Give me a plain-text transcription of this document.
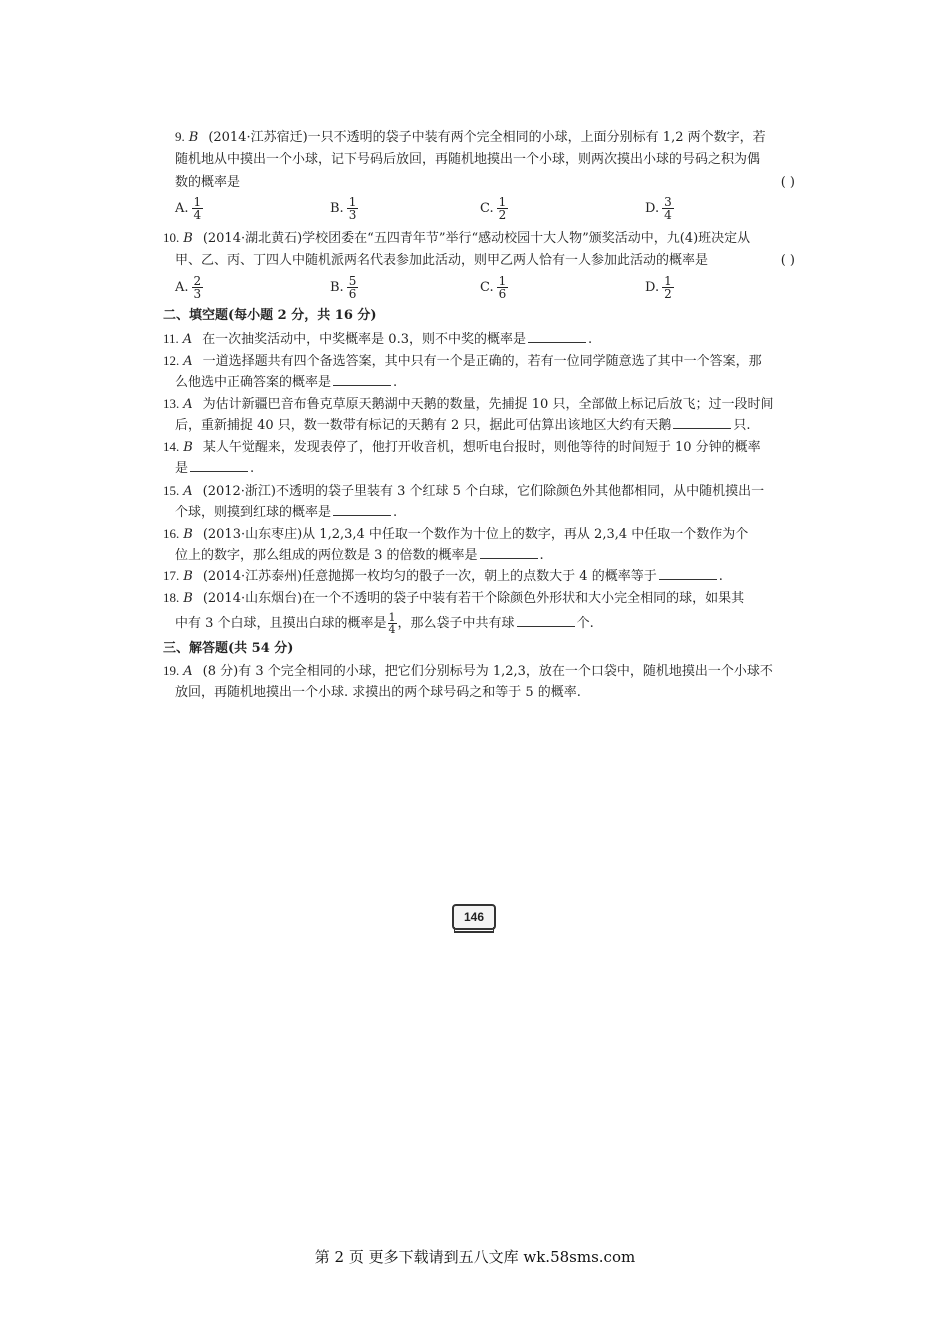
9. B (2014·江苏宿迁)一只不透明的袋子中装有两个完全相同的小球，上面分别标有 1,2 两个数字，若
随机地从中摸出一个小球，记下号码后放回，再随机地摸出一个小球，则两次摸出小球的号码之积为偶
数的概率是	( )
A. $\frac{1}{4}$	B. $\frac{1}{3}$	C. $\frac{1}{2}$	D. $\frac{3}{4}$
10. B (2014·湖北黄石)学校团委在“五四青年节”举行“感动校园十大人物”颁奖活动中，九(4)班决定从
甲、乙、丙、丁四人中随机派两名代表参加此活动，则甲乙两人恰有一人参加此活动的概率是	( )
A. $\frac{2}{3}$	B. $\frac{5}{6}$	C. $\frac{1}{6}$	D. $\frac{1}{2}$
二、填空题(每小题 2 分，共 16 分)
11. A 在一次抽奖活动中，中奖概率是 0.3，则不中奖的概率是	.
12. A 一道选择题共有四个备选答案，其中只有一个是正确的，若有一位同学随意选了其中一个答案，那
么他选中正确答案的概率是	.
13. A 为估计新疆巴音布鲁克草原天鹅湖中天鹅的数量，先捕捉 10 只，全部做上标记后放飞；过一段时间
后，重新捕捉 40 只，数一数带有标记的天鹅有 2 只，据此可估算出该地区大约有天鹅	只.
14. B 某人午觉醒来，发现表停了，他打开收音机，想听电台报时，则他等待的时间短于 10 分钟的概率
是	.
15. A (2012·浙江)不透明的袋子里装有 3 个红球 5 个白球，它们除颜色外其他都相同，从中随机摸出一
个球，则摸到红球的概率是	.
16. B (2013·山东枣庄)从 1,2,3,4 中任取一个数作为十位上的数字，再从 2,3,4 中任取一个数作为个
位上的数字，那么组成的两位数是 3 的倍数的概率是	.
17. B (2014·江苏泰州)任意抛掷一枚均匀的骰子一次，朝上的点数大于 4 的概率等于	.
18. B (2014·山东烟台)在一个不透明的袋子中装有若干个除颜色外形状和大小完全相同的球，如果其
中有 3 个白球，且摸出白球的概率是 $\frac{1}{4}$ ，那么袋子中共有球	个.
三、解答题(共 54 分)
19. A (8 分)有 3 个完全相同的小球，把它们分别标号为 1,2,3，放在一个口袋中，随机地摸出一个小球不
放回，再随机地摸出一个小球. 求摸出的两个球号码之和等于 5 的概率.
146
第 2 页 更多下载请到五八文库 wk.58sms.com
